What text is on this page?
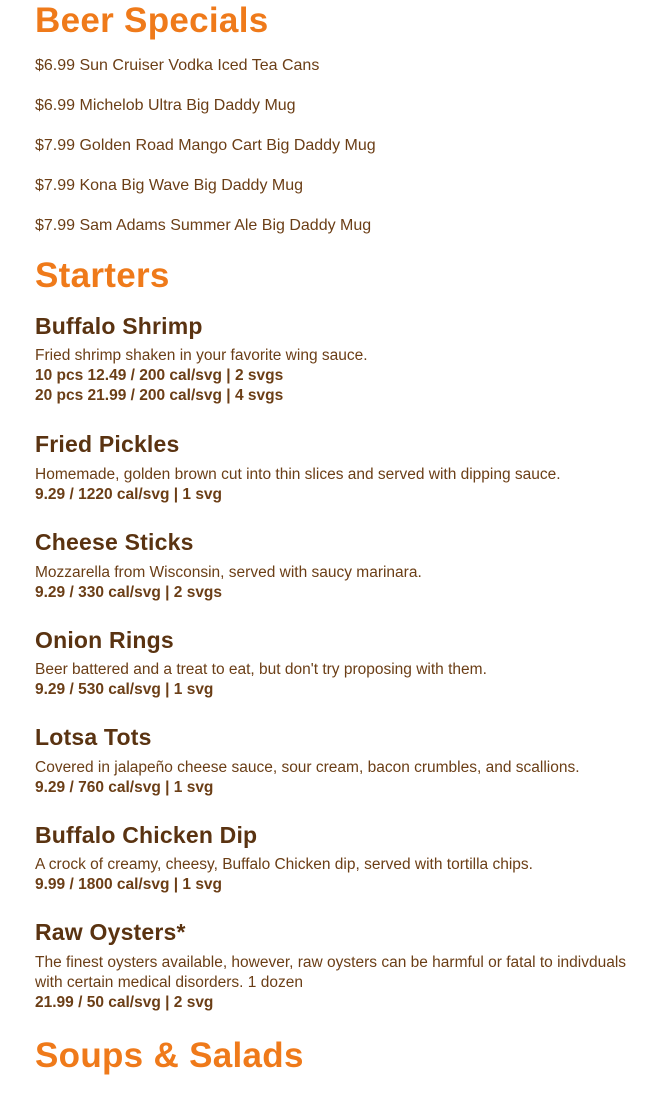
Beer Specials
$6.99 Sun Cruiser Vodka Iced Tea Cans
$6.99 Michelob Ultra Big Daddy Mug
$7.99 Golden Road Mango Cart Big Daddy Mug
$7.99 Kona Big Wave Big Daddy Mug
$7.99 Sam Adams Summer Ale Big Daddy Mug
Starters
Buffalo Shrimp

Fried shrimp shaken in your favorite wing sauce.

10 pcs 12.49 / 200 cal/svg | 2 svgs

20 pcs 21.99 / 200 cal/svg | 4 svgs

Fried Pickles

Homemade, golden brown cut into thin slices and served with dipping sauce.

9.29 / 1220 cal/svg | 1 svg

Cheese Sticks

Mozzarella from Wisconsin, served with saucy marinara.

9.29 / 330 cal/svg | 2 svgs

Onion Rings

Beer battered and a treat to eat, but don't try proposing with them.

9.29 / 530 cal/svg | 1 svg

Lotsa Tots

Covered in jalapeño cheese sauce, sour cream, bacon crumbles, and scallions.

9.29 / 760 cal/svg | 1 svg

Buffalo Chicken Dip

A crock of creamy, cheesy, Buffalo Chicken dip, served with tortilla chips.

9.99 / 1800 cal/svg | 1 svg

Raw Oysters*

The finest oysters available, however, raw oysters can be harmful or fatal to indivduals with certain medical disorders. 1 dozen

21.99 / 50 cal/svg | 2 svg

Soups & Salads
